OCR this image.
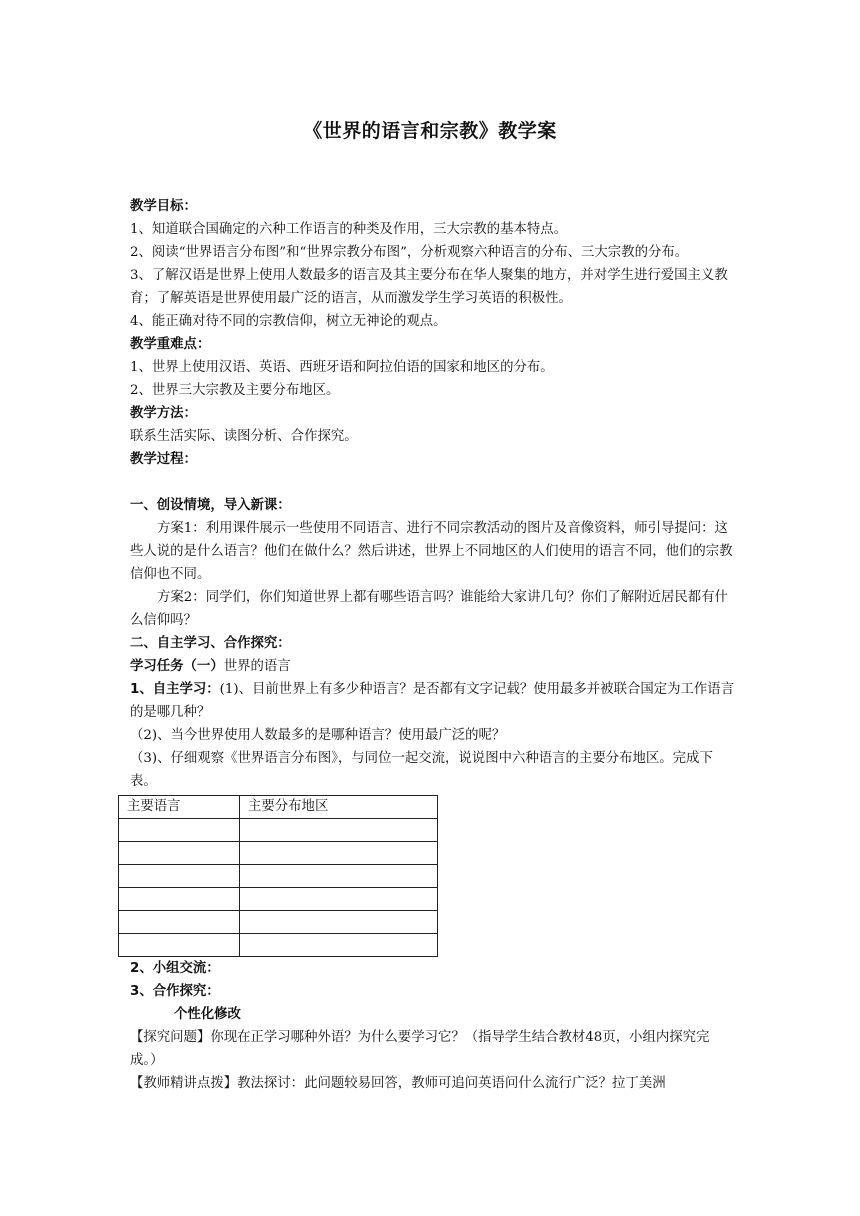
《世界的语言和宗教》教学案

教学目标：

1、知道联合国确定的六种工作语言的种类及作用，三大宗教的基本特点。

2、阅读“世界语言分布图”和“世界宗教分布图”，分析观察六种语言的分布、三大宗教的分布。

3、了解汉语是世界上使用人数最多的语言及其主要分布在华人聚集的地方，并对学生进行爱国主义教育；了解英语是世界使用最广泛的语言，从而激发学生学习英语的积极性。

4、能正确对待不同的宗教信仰，树立无神论的观点。

教学重难点：

1、世界上使用汉语、英语、西班牙语和阿拉伯语的国家和地区的分布。

2、世界三大宗教及主要分布地区。

教学方法：

联系生活实际、读图分析、合作探究。

教学过程：

一、创设情境，导入新课：

方案1：利用课件展示一些使用不同语言、进行不同宗教活动的图片及音像资料，师引导提问：这些人说的是什么语言？他们在做什么？然后讲述，世界上不同地区的人们使用的语言不同，他们的宗教信仰也不同。

方案2：同学们，你们知道世界上都有哪些语言吗？谁能给大家讲几句？你们了解附近居民都有什么信仰吗？

二、自主学习、合作探究：

学习任务（一）世界的语言

1、自主学习：(1)、目前世界上有多少种语言？是否都有文字记载？使用最多并被联合国定为工作语言的是哪几种？

（2)、当今世界使用人数最多的是哪种语言？使用最广泛的呢？

（3)、仔细观察《世界语言分布图》，与同位一起交流，说说图中六种语言的主要分布地区。完成下表。

主要语言	主要分布地区

2、小组交流：

3、合作探究：

个性化修改

【探究问题】你现在正学习哪种外语？为什么要学习它？（指导学生结合教材48页，小组内探究完成。）

【教师精讲点拨】教法探讨：此问题较易回答，教师可追问英语问什么流行广泛？拉丁美洲
